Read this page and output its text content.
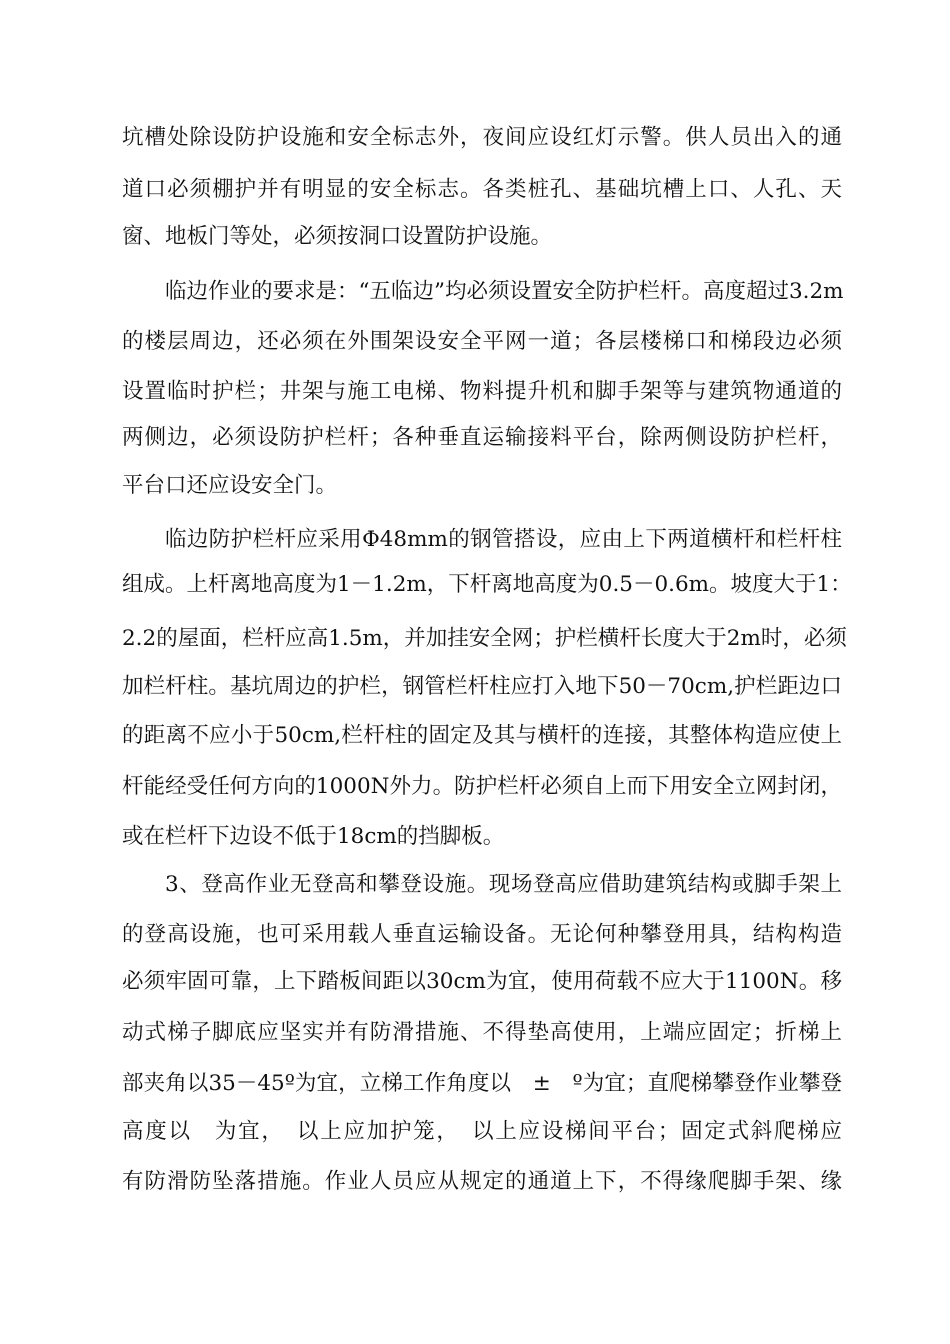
坑槽处除设防护设施和安全标志外，夜间应设红灯示警。供人员出入的通
道口必须棚护并有明显的安全标志。各类桩孔、基础坑槽上口、人孔、天
窗、地板门等处，必须按洞口设置防护设施。
临边作业的要求是：“五临边”均必须设置安全防护栏杆。高度超过3.2m
的楼层周边，还必须在外围架设安全平网一道；各层楼梯口和梯段边必须
设置临时护栏；井架与施工电梯、物料提升机和脚手架等与建筑物通道的
两侧边，必须设防护栏杆；各种垂直运输接料平台，除两侧设防护栏杆，
平台口还应设安全门。
临边防护栏杆应采用Φ48mm的钢管搭设，应由上下两道横杆和栏杆柱
组成。上杆离地高度为1－1.2m，下杆离地高度为0.5－0.6m。坡度大于1：
2.2的屋面，栏杆应高1.5m，并加挂安全网；护栏横杆长度大于2m时，必须
加栏杆柱。基坑周边的护栏，钢管栏杆柱应打入地下50－70cm,护栏距边口
的距离不应小于50cm,栏杆柱的固定及其与横杆的连接，其整体构造应使上
杆能经受任何方向的1000N外力。防护栏杆必须自上而下用安全立网封闭，
或在栏杆下边设不低于18cm的挡脚板。
3、登高作业无登高和攀登设施。现场登高应借助建筑结构或脚手架上
的登高设施，也可采用载人垂直运输设备。无论何种攀登用具，结构构造
必须牢固可靠，上下踏板间距以30cm为宜，使用荷载不应大于1100N。移
动式梯子脚底应坚实并有防滑措施、不得垫高使用，上端应固定；折梯上
部夹角以35－45º为宜，立梯工作角度以　±　º为宜；直爬梯攀登作业攀登
高度以　为宜，　以上应加护笼，　以上应设梯间平台；固定式斜爬梯应
有防滑防坠落措施。作业人员应从规定的通道上下，不得缘爬脚手架、缘
